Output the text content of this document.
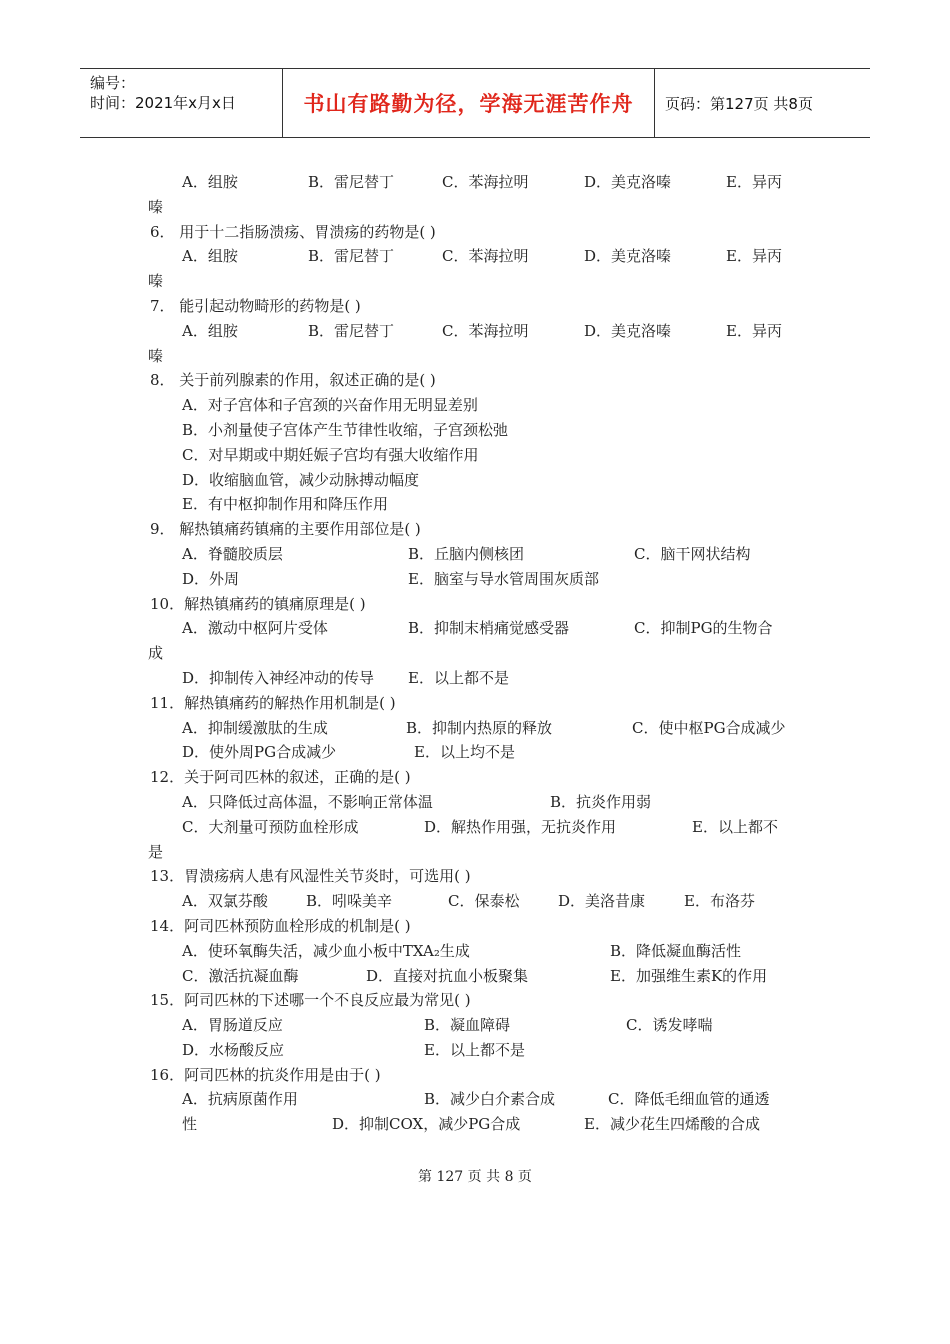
编号：
时间：2021年x月x日	书山有路勤为径，学海无涯苦作舟	页码：第127页 共8页
A．组胺	B．雷尼替丁	C．苯海拉明	D．美克洛嗪	E．异丙
嗪
6． 用于十二指肠溃疡、胃溃疡的药物是( )
A．组胺	B．雷尼替丁	C．苯海拉明	D．美克洛嗪	E．异丙
嗪
7． 能引起动物畸形的药物是( )
A．组胺	B．雷尼替丁	C．苯海拉明	D．美克洛嗪	E．异丙
嗪
8． 关于前列腺素的作用，叙述正确的是( )
A．对子宫体和子宫颈的兴奋作用无明显差别
B．小剂量使子宫体产生节律性收缩，子宫颈松弛
C．对早期或中期妊娠子宫均有强大收缩作用
D．收缩脑血管，减少动脉搏动幅度
E．有中枢抑制作用和降压作用
9． 解热镇痛药镇痛的主要作用部位是( )
A．脊髓胶质层	B．丘脑内侧核团	C．脑干网状结构
D．外周	E．脑室与导水管周围灰质部
10．解热镇痛药的镇痛原理是( )
A．激动中枢阿片受体	B．抑制末梢痛觉感受器	C．抑制PG的生物合
成
D．抑制传入神经冲动的传导 E．以上都不是
11．解热镇痛药的解热作用机制是( )
A．抑制缓激肽的生成	B．抑制内热原的释放	C．使中枢PG合成减少
D．使外周PG合成减少	E．以上均不是
12．关于阿司匹林的叙述，正确的是( )
A．只降低过高体温，不影响正常体温	B．抗炎作用弱
C．大剂量可预防血栓形成	D．解热作用强，无抗炎作用	E．以上都不
是
13．胃溃疡病人患有风湿性关节炎时，可选用( )
A．双氯芬酸	B．吲哚美辛	C．保泰松	D．美洛昔康	E．布洛芬
14．阿司匹林预防血栓形成的机制是( )
A．使环氧酶失活，减少血小板中TXA₂生成	B．降低凝血酶活性
C．激活抗凝血酶	D．直接对抗血小板聚集	E．加强维生素K的作用
15．阿司匹林的下述哪一个不良反应最为常见( )
A．胃肠道反应	B．凝血障碍	C．诱发哮喘
D．水杨酸反应	E．以上都不是
16．阿司匹林的抗炎作用是由于( )
A．抗病原菌作用	B．减少白介素合成	C．降低毛细血管的通透
性	D．抑制COX，减少PG合成	E．减少花生四烯酸的合成
第 127 页 共 8 页
